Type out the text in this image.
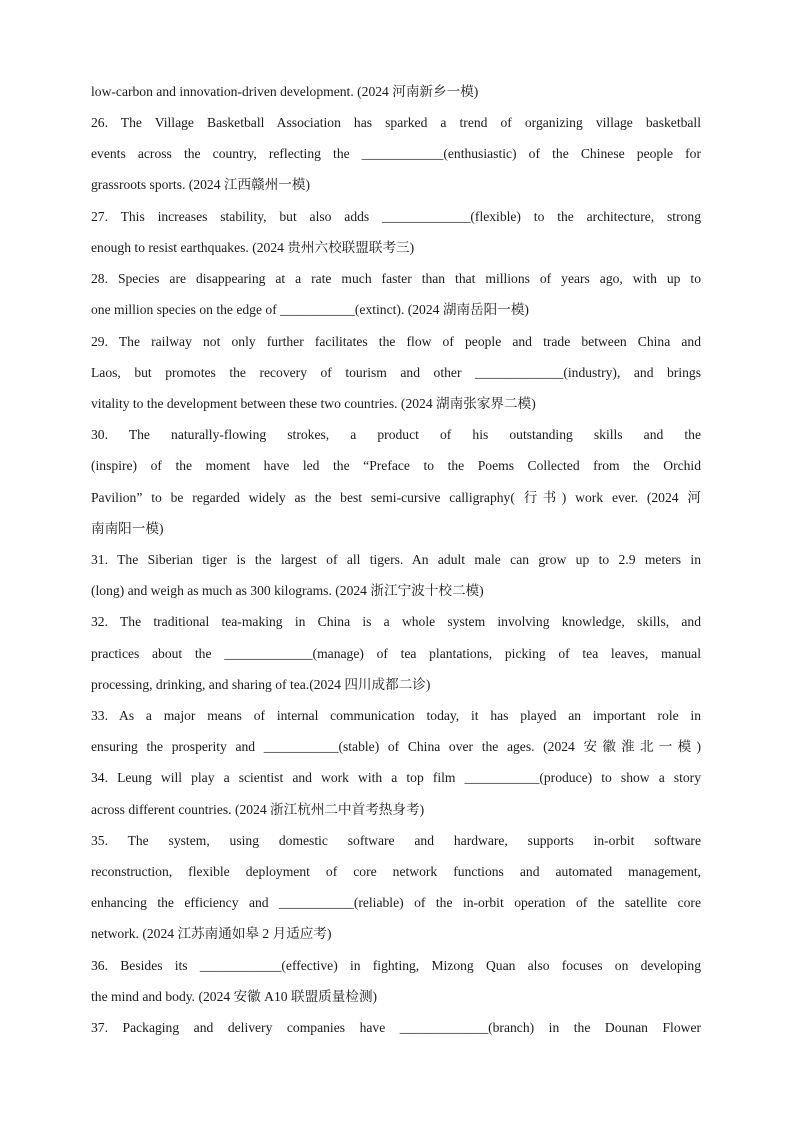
low-carbon and innovation-driven development. (2024 河南新乡一模)
26. The Village Basketball Association has sparked a trend of organizing village basketball
events across the country, reflecting the ____________(enthusiastic) of the Chinese people for
grassroots sports. (2024 江西赣州一模)
27. This increases stability, but also adds _____________(flexible) to the architecture, strong
enough to resist earthquakes. (2024 贵州六校联盟联考三)
28. Species are disappearing at a rate much faster than that millions of years ago, with up to
one million species on the edge of ___________(extinct). (2024 湖南岳阳一模)
29. The railway not only further facilitates the flow of people and trade between China and
Laos, but promotes the recovery of tourism and other _____________(industry), and brings
vitality to the development between these two countries. (2024 湖南张家界二模)
30. The naturally-flowing strokes, a product of his outstanding skills and the
(inspire) of the moment have led the “Preface to the Poems Collected from the Orchid
Pavilion” to be regarded widely as the best semi-cursive calligraphy( 行书) work ever. (2024 河
南南阳一模)
31. The Siberian tiger is the largest of all tigers. An adult male can grow up to 2.9 meters in
(long) and weigh as much as 300 kilograms. (2024 浙江宁波十校二模)
32. The traditional tea-making in China is a whole system involving knowledge, skills, and
practices about the _____________(manage) of tea plantations, picking of tea leaves, manual
processing, drinking, and sharing of tea.(2024 四川成都二诊)
33. As a major means of internal communication today, it has played an important role in
ensuring the prosperity and ___________(stable) of China over the ages. (2024 安徽淮北一模)
34. Leung will play a scientist and work with a top film ___________(produce) to show a story
across different countries. (2024 浙江杭州二中首考热身考)
35. The system, using domestic software and hardware, supports in-orbit software
reconstruction, flexible deployment of core network functions and automated management,
enhancing the efficiency and ___________(reliable) of the in-orbit operation of the satellite core
network. (2024 江苏南通如皋 2 月适应考)
36. Besides its ____________(effective) in fighting, Mizong Quan also focuses on developing
the mind and body. (2024 安徽 A10 联盟质量检测)
37. Packaging and delivery companies have _____________(branch) in the Dounan Flower
